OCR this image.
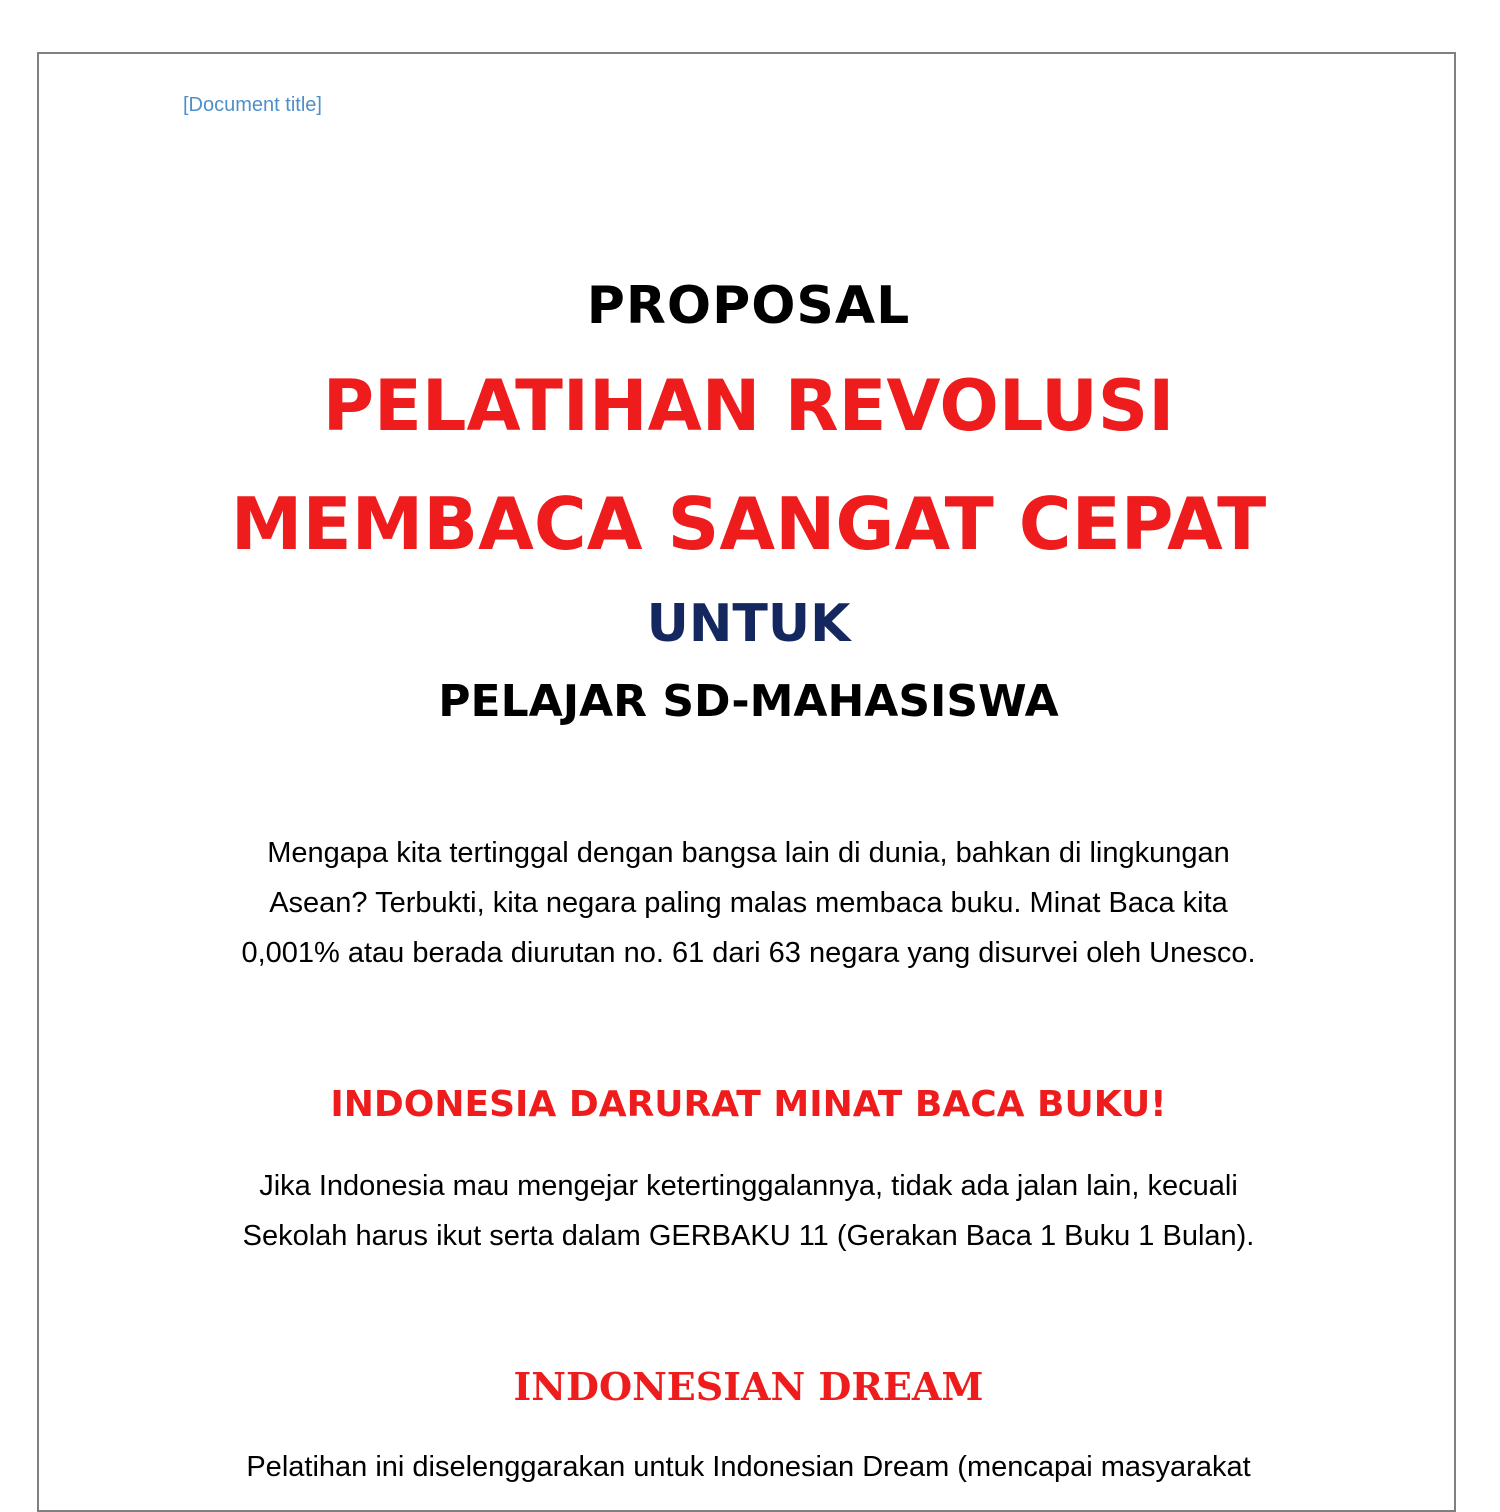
[Document title]
PROPOSAL
PELATIHAN REVOLUSI
MEMBACA SANGAT CEPAT
UNTUK
PELAJAR SD-MAHASISWA
Mengapa kita tertinggal dengan bangsa lain di dunia, bahkan di lingkungan
Asean? Terbukti, kita negara paling malas membaca buku. Minat Baca kita
0,001% atau berada diurutan no. 61 dari 63 negara yang disurvei oleh Unesco.
INDONESIA DARURAT MINAT BACA BUKU!
Jika Indonesia mau mengejar ketertinggalannya, tidak ada jalan lain, kecuali
Sekolah harus ikut serta dalam GERBAKU 11 (Gerakan Baca 1 Buku 1 Bulan).
INDONESIAN DREAM
Pelatihan ini diselenggarakan untuk Indonesian Dream (mencapai masyarakat
